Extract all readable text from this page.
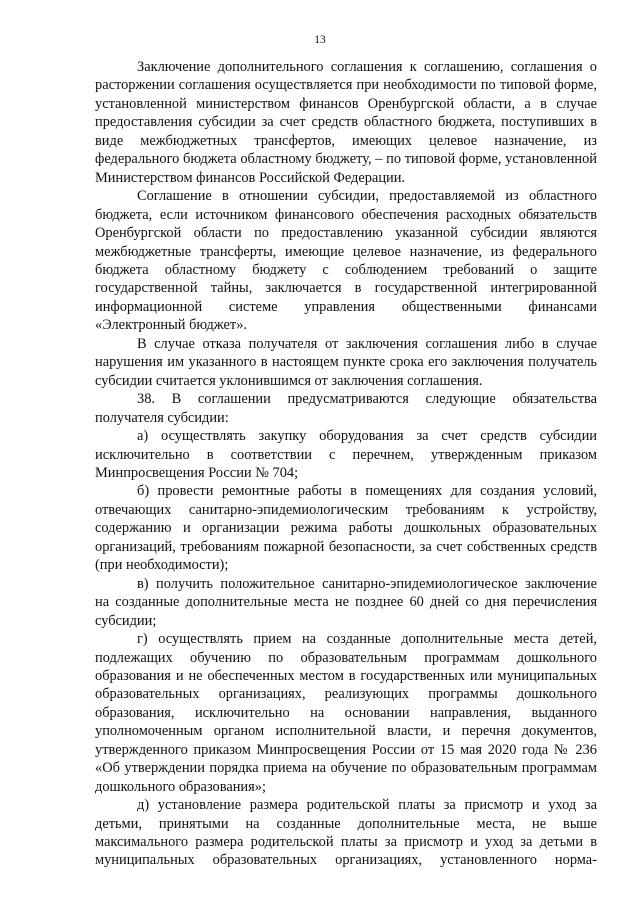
13

Заключение дополнительного соглашения к соглашению, соглашения о расторжении соглашения осуществляется при необходимости по типовой форме, установленной министерством финансов Оренбургской области, а в случае предоставления субсидии за счет средств областного бюджета, поступивших в виде межбюджетных трансфертов, имеющих целевое назначение, из федерального бюджета областному бюджету, – по типовой форме, установленной Министерством финансов Российской Федерации.

Соглашение в отношении субсидии, предоставляемой из областного бюджета, если источником финансового обеспечения расходных обязательств Оренбургской области по предоставлению указанной субсидии являются межбюджетные трансферты, имеющие целевое назначение, из федерального бюджета областному бюджету с соблюдением требований о защите государственной тайны, заключается в государственной интегрированной информационной системе управления общественными финансами «Электронный бюджет».

В случае отказа получателя от заключения соглашения либо в случае нарушения им указанного в настоящем пункте срока его заключения получатель субсидии считается уклонившимся от заключения соглашения.

38. В соглашении предусматриваются следующие обязательства получателя субсидии:

а) осуществлять закупку оборудования за счет средств субсидии исключительно в соответствии с перечнем, утвержденным приказом Минпросвещения России № 704;

б) провести ремонтные работы в помещениях для создания условий, отвечающих санитарно-эпидемиологическим требованиям к устройству, содержанию и организации режима работы дошкольных образовательных организаций, требованиям пожарной безопасности, за счет собственных средств (при необходимости);

в) получить положительное санитарно-эпидемиологическое заключение на созданные дополнительные места не позднее 60 дней со дня перечисления субсидии;

г) осуществлять прием на созданные дополнительные места детей, подлежащих обучению по образовательным программам дошкольного образования и не обеспеченных местом в государственных или муниципальных образовательных организациях, реализующих программы дошкольного образования, исключительно на основании направления, выданного уполномоченным органом исполнительной власти, и перечня документов, утвержденного приказом Минпросвещения России от 15 мая 2020 года № 236 «Об утверждении порядка приема на обучение по образовательным программам дошкольного образования»;

д) установление размера родительской платы за присмотр и уход за детьми, принятыми на созданные дополнительные места, не выше максимального размера родительской платы за присмотр и уход за детьми в муниципальных образовательных организациях, установленного норма-
